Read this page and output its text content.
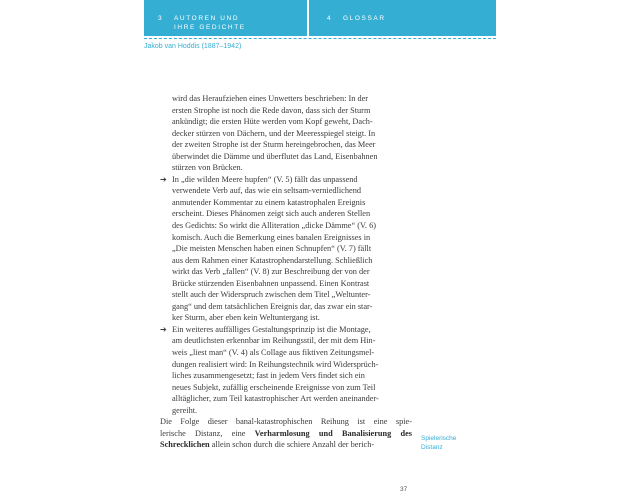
3 AUTOREN UND
IHRE GEDICHTE
4 GLOSSAR
Jakob van Hoddis (1887–1942)
wird das Heraufziehen eines Unwetters beschrieben: In der
ersten Strophe ist noch die Rede davon, dass sich der Sturm
ankündigt; die ersten Hüte werden vom Kopf geweht, Dach-
decker stürzen von Dächern, und der Meeresspiegel steigt. In
der zweiten Strophe ist der Sturm hereingebrochen, das Meer
überwindet die Dämme und überflutet das Land, Eisenbahnen
stürzen von Brücken.
➔ In „die wilden Meere hupfen“ (V. 5) fällt das unpassend
verwendete Verb auf, das wie ein seltsam-verniedlichend
anmutender Kommentar zu einem katastrophalen Ereignis
erscheint. Dieses Phänomen zeigt sich auch anderen Stellen
des Gedichts: So wirkt die Alliteration „dicke Dämme“ (V. 6)
komisch. Auch die Bemerkung eines banalen Ereignisses in
„Die meisten Menschen haben einen Schnupfen“ (V. 7) fällt
aus dem Rahmen einer Katastrophendarstellung. Schließlich
wirkt das Verb „fallen“ (V. 8) zur Beschreibung der von der
Brücke stürzenden Eisenbahnen unpassend. Einen Kontrast
stellt auch der Widerspruch zwischen dem Titel „Weltunter-
gang“ und dem tatsächlichen Ereignis dar, das zwar ein star-
ker Sturm, aber eben kein Weltuntergang ist.
➔ Ein weiteres auffälliges Gestaltungsprinzip ist die Montage,
am deutlichsten erkennbar im Reihungsstil, der mit dem Hin-
weis „liest man“ (V. 4) als Collage aus fiktiven Zeitungsmel-
dungen realisiert wird: In Reihungstechnik wird Widersprüch-
liches zusammengesetzt; fast in jedem Vers findet sich ein
neues Subjekt, zufällig erscheinende Ereignisse von zum Teil
alltäglicher, zum Teil katastrophischer Art werden aneinander-
gereiht.
Die Folge dieser banal-katastrophischen Reihung ist eine spie-
lerische Distanz, eine Verharmlosung und Banalisierung des
Schrecklichen allein schon durch die schiere Anzahl der berich-
Spielerische
Distanz
37
